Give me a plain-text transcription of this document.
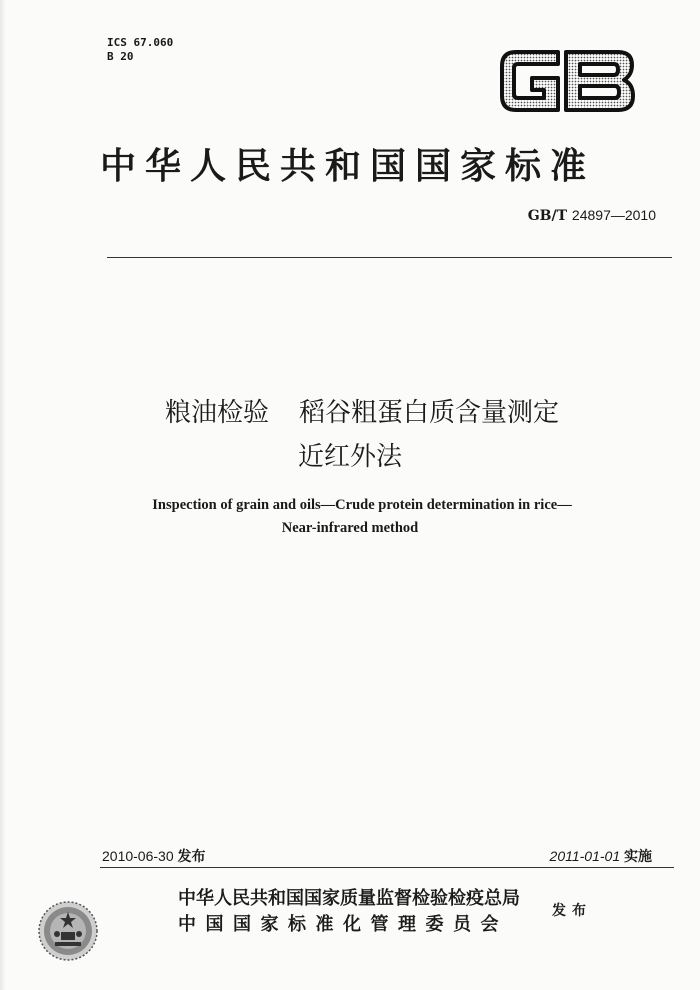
ICS 67.060
B 20
中华人民共和国国家标准
GB/T 24897—2010
粮油检验 稻谷粗蛋白质含量测定
近红外法
Inspection of grain and oils—Crude protein determination in rice—
Near-infrared method
2010-06-30 发布	2011-01-01 实施
中华人民共和国国家质量监督检验检疫总局
中国国家标准化管理委员会
发布
